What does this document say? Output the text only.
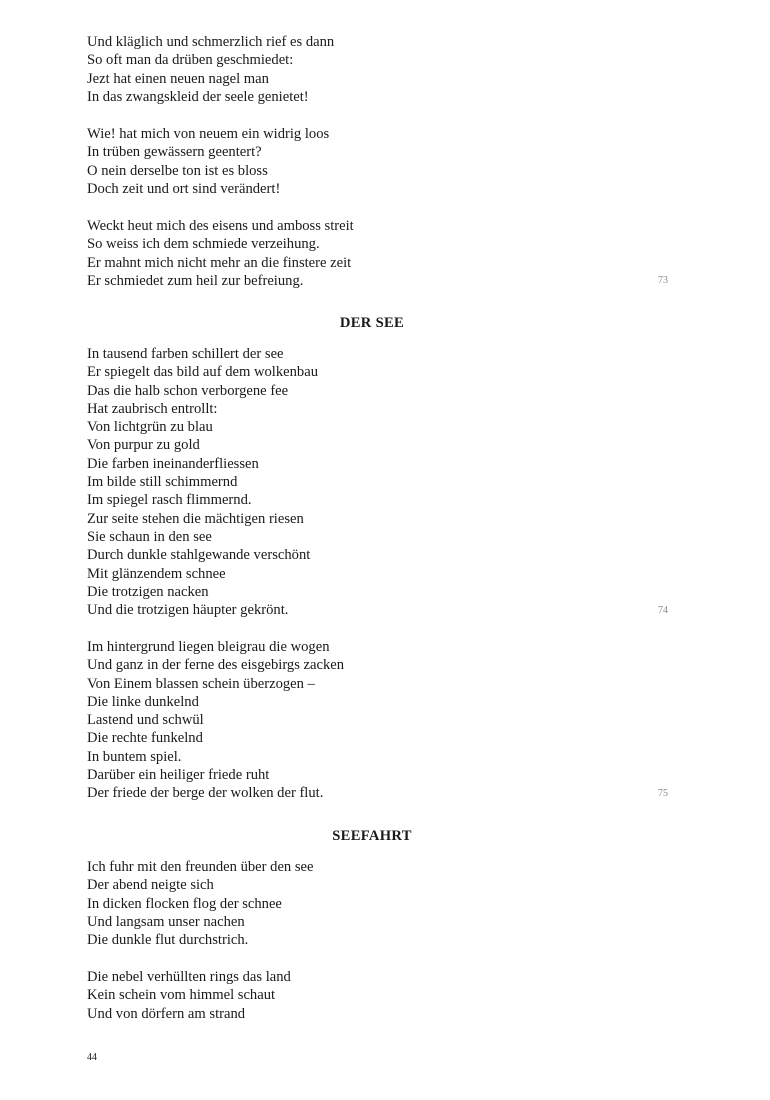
Und kläglich und schmerzlich rief es dann
So oft man da drüben geschmiedet:
Jezt hat einen neuen nagel man
In das zwangskleid der seele genietet!
Wie! hat mich von neuem ein widrig loos
In trüben gewässern geentert?
O nein derselbe ton ist es bloss
Doch zeit und ort sind verändert!
Weckt heut mich des eisens und amboss streit
So weiss ich dem schmiede verzeihung.
Er mahnt mich nicht mehr an die finstere zeit
Er schmiedet zum heil zur befreiung.	73
DER SEE
In tausend farben schillert der see
Er spiegelt das bild auf dem wolkenbau
Das die halb schon verborgene fee
Hat zaubrisch entrollt:
Von lichtgrün zu blau
Von purpur zu gold
Die farben ineinanderfliessen
Im bilde still schimmernd
Im spiegel rasch flimmernd.
Zur seite stehen die mächtigen riesen
Sie schaun in den see
Durch dunkle stahlgewande verschönt
Mit glänzendem schnee
Die trotzigen nacken
Und die trotzigen häupter gekrönt.	74
Im hintergrund liegen bleigrau die wogen
Und ganz in der ferne des eisgebirgs zacken
Von Einem blassen schein überzogen –
Die linke dunkelnd
Lastend und schwül
Die rechte funkelnd
In buntem spiel.
Darüber ein heiliger friede ruht
Der friede der berge der wolken der flut.	75
SEEFAHRT
Ich fuhr mit den freunden über den see
Der abend neigte sich
In dicken flocken flog der schnee
Und langsam unser nachen
Die dunkle flut durchstrich.
Die nebel verhüllten rings das land
Kein schein vom himmel schaut
Und von dörfern am strand
44
